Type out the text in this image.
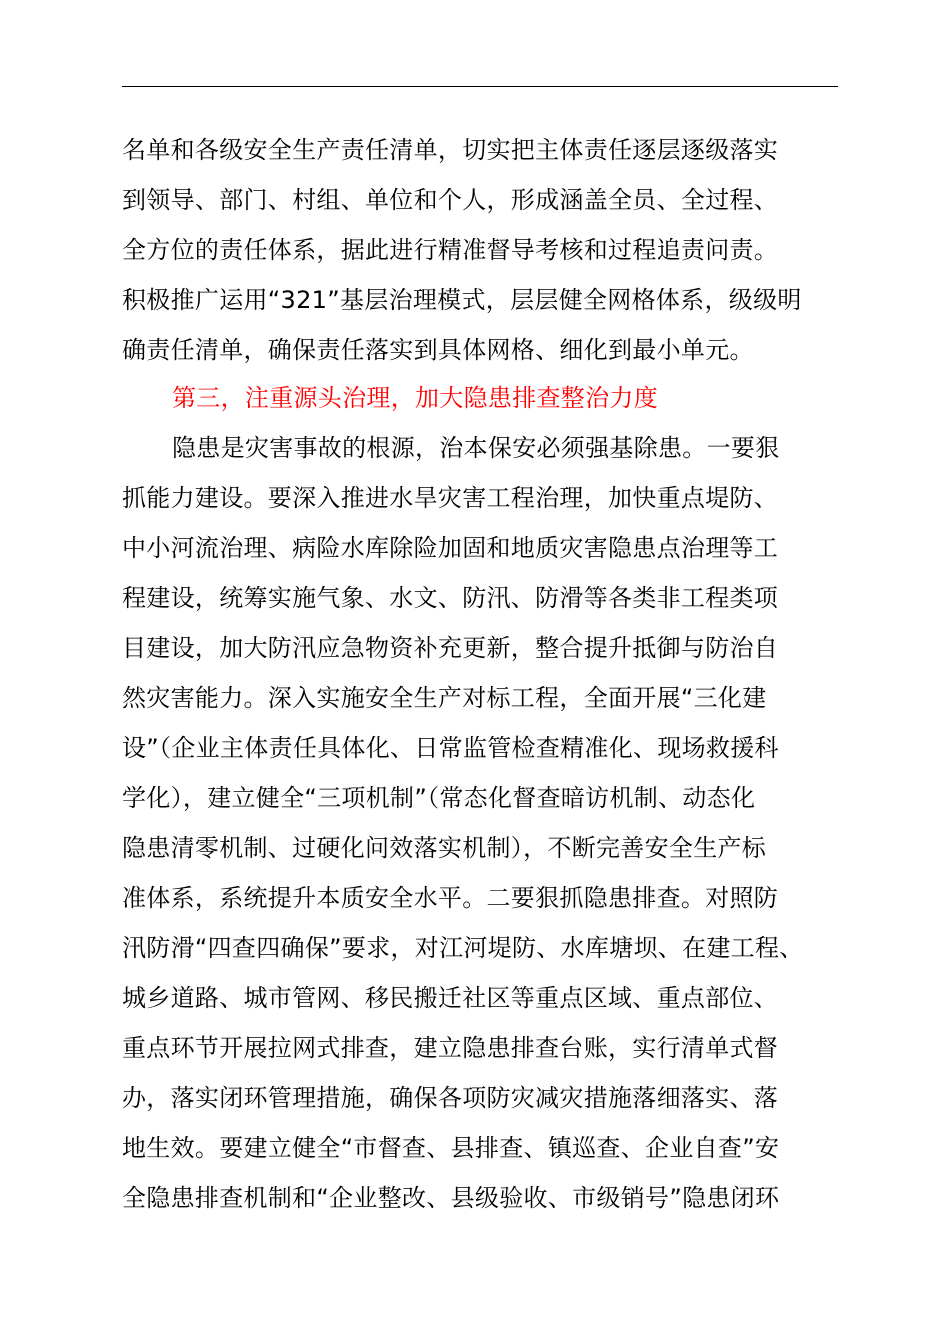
名单和各级安全生产责任清单，切实把主体责任逐层逐级落实
到领导、部门、村组、单位和个人，形成涵盖全员、全过程、
全方位的责任体系，据此进行精准督导考核和过程追责问责。
积极推广运用“321”基层治理模式，层层健全网格体系，级级明
确责任清单，确保责任落实到具体网格、细化到最小单元。
第三，注重源头治理，加大隐患排查整治力度
隐患是灾害事故的根源，治本保安必须强基除患。一要狠
抓能力建设。要深入推进水旱灾害工程治理，加快重点堤防、
中小河流治理、病险水库除险加固和地质灾害隐患点治理等工
程建设，统筹实施气象、水文、防汛、防滑等各类非工程类项
目建设，加大防汛应急物资补充更新，整合提升抵御与防治自
然灾害能力。深入实施安全生产对标工程，全面开展“三化建
设”（企业主体责任具体化、日常监管检查精准化、现场救援科
学化），建立健全“三项机制”（常态化督查暗访机制、动态化
隐患清零机制、过硬化问效落实机制），不断完善安全生产标
准体系，系统提升本质安全水平。二要狠抓隐患排查。对照防
汛防滑“四查四确保”要求，对江河堤防、水库塘坝、在建工程、
城乡道路、城市管网、移民搬迁社区等重点区域、重点部位、
重点环节开展拉网式排查，建立隐患排查台账，实行清单式督
办，落实闭环管理措施，确保各项防灾减灾措施落细落实、落
地生效。要建立健全“市督查、县排查、镇巡查、企业自查”安
全隐患排查机制和“企业整改、县级验收、市级销号”隐患闭环
